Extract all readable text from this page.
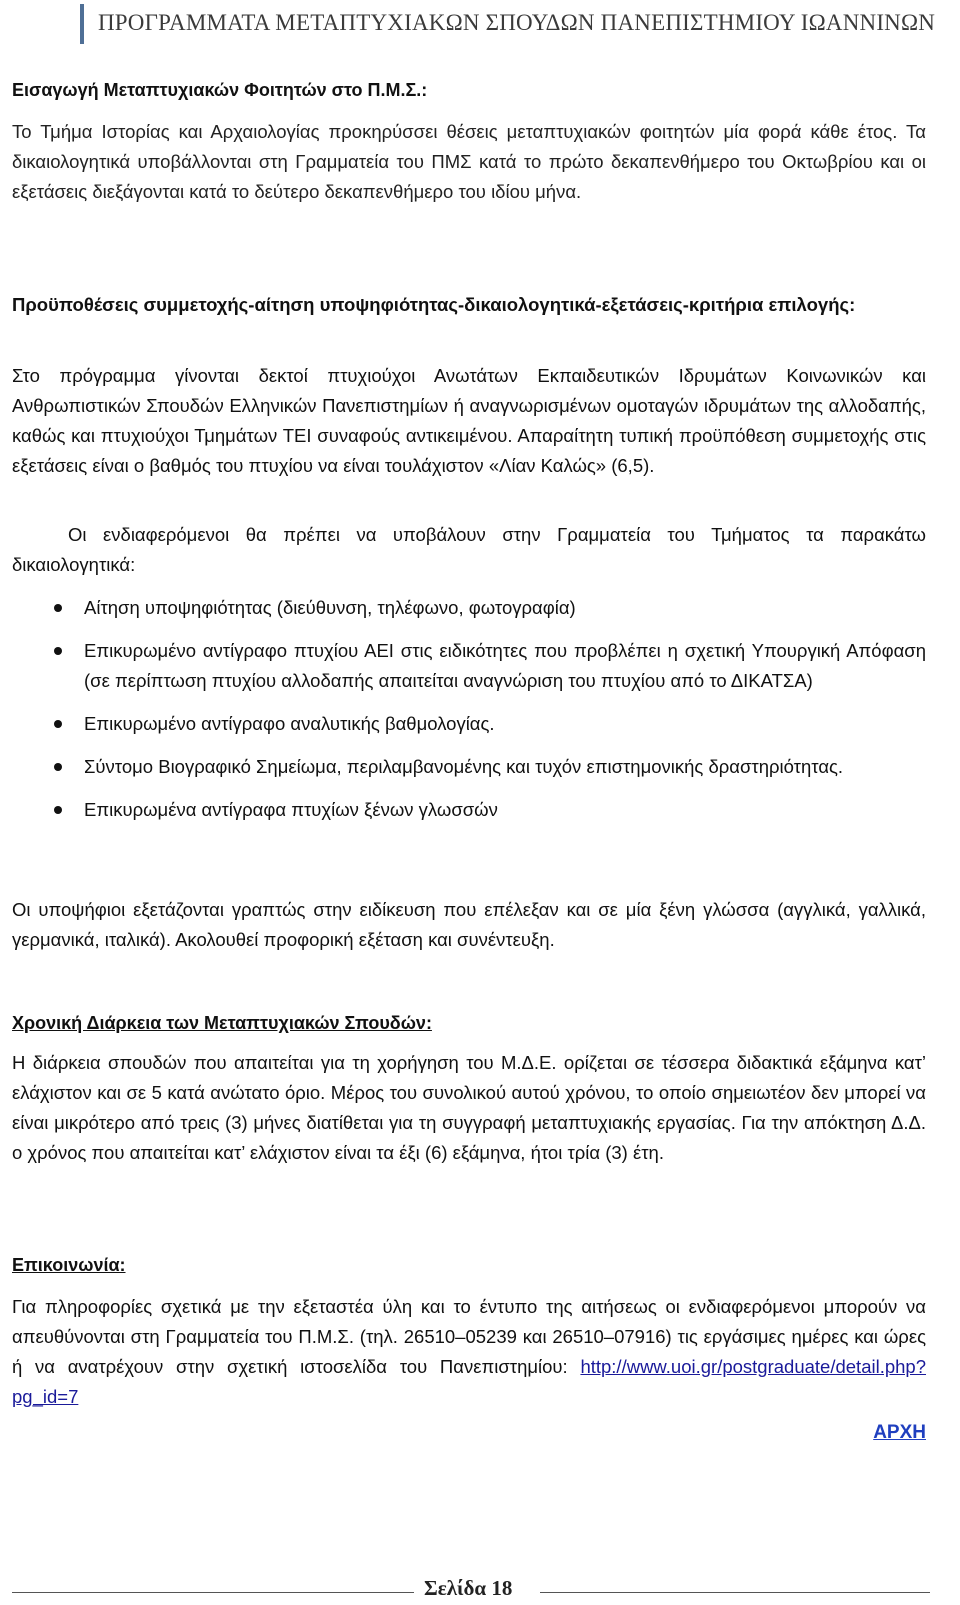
ΠΡΟΓΡΑΜΜΑΤΑ ΜΕΤΑΠΤΥΧΙΑΚΩΝ ΣΠΟΥΔΩΝ ΠΑΝΕΠΙΣΤΗΜΙΟΥ ΙΩΑΝΝΙΝΩΝ
Εισαγωγή Μεταπτυχιακών Φοιτητών στο Π.Μ.Σ.:
Το Τμήμα Ιστορίας και Αρχαιολογίας προκηρύσσει θέσεις μεταπτυχιακών φοιτητών μία φορά κάθε έτος. Τα δικαιολογητικά υποβάλλονται στη Γραμματεία του ΠΜΣ κατά το πρώτο δεκαπενθήμερο του Οκτωβρίου και οι εξετάσεις διεξάγονται κατά το δεύτερο δεκαπενθήμερο του ιδίου μήνα.
Προϋποθέσεις συμμετοχής-αίτηση υποψηφιότητας-δικαιολογητικά-εξετάσεις-κριτήρια επιλογής:
Στο πρόγραμμα γίνονται δεκτοί πτυχιούχοι Ανωτάτων Εκπαιδευτικών Ιδρυμάτων Κοινωνικών και Ανθρωπιστικών Σπουδών Ελληνικών Πανεπιστημίων ή αναγνωρισμένων ομοταγών ιδρυμάτων της αλλοδαπής, καθώς και πτυχιούχοι Τμημάτων ΤΕΙ συναφούς αντικειμένου. Απαραίτητη τυπική προϋπόθεση συμμετοχής στις εξετάσεις είναι ο βαθμός του πτυχίου να είναι τουλάχιστον «Λίαν Καλώς» (6,5).
Οι ενδιαφερόμενοι θα πρέπει να υποβάλουν στην Γραμματεία του Τμήματος τα παρακάτω δικαιολογητικά:
Αίτηση υποψηφιότητας (διεύθυνση, τηλέφωνο, φωτογραφία)
Επικυρωμένο αντίγραφο πτυχίου ΑΕΙ στις ειδικότητες που προβλέπει η σχετική Υπουργική Απόφαση (σε περίπτωση πτυχίου αλλοδαπής απαιτείται αναγνώριση του πτυχίου από το ΔΙΚΑΤΣΑ)
Επικυρωμένο αντίγραφο αναλυτικής βαθμολογίας.
Σύντομο Βιογραφικό Σημείωμα, περιλαμβανομένης και τυχόν επιστημονικής δραστηριότητας.
Επικυρωμένα αντίγραφα πτυχίων ξένων γλωσσών
Οι υποψήφιοι εξετάζονται γραπτώς στην ειδίκευση που επέλεξαν και σε μία ξένη γλώσσα (αγγλικά, γαλλικά, γερμανικά, ιταλικά). Ακολουθεί προφορική εξέταση και συνέντευξη.
Χρονική Διάρκεια των Μεταπτυχιακών Σπουδών:
Η διάρκεια σπουδών που απαιτείται για τη χορήγηση του Μ.Δ.Ε. ορίζεται σε τέσσερα διδακτικά εξάμηνα κατ’ ελάχιστον και σε 5 κατά ανώτατο όριο. Μέρος του συνολικού αυτού χρόνου, το οποίο σημειωτέον δεν μπορεί να είναι μικρότερο από τρεις (3) μήνες διατίθεται για τη συγγραφή μεταπτυχιακής εργασίας. Για την απόκτηση Δ.Δ. ο χρόνος που απαιτείται κατ’ ελάχιστον είναι τα έξι (6) εξάμηνα, ήτοι τρία (3) έτη.
Επικοινωνία:
Για πληροφορίες σχετικά με την εξεταστέα ύλη και το έντυπο της αιτήσεως οι ενδιαφερόμενοι μπορούν να απευθύνονται στη Γραμματεία του Π.Μ.Σ. (τηλ. 26510–05239 και 26510–07916) τις εργάσιμες ημέρες και ώρες ή να ανατρέχουν στην σχετική ιστοσελίδα του Πανεπιστημίου: http://www.uoi.gr/postgraduate/detail.php?pg_id=7
ΑΡΧΗ
Σελίδα 18
